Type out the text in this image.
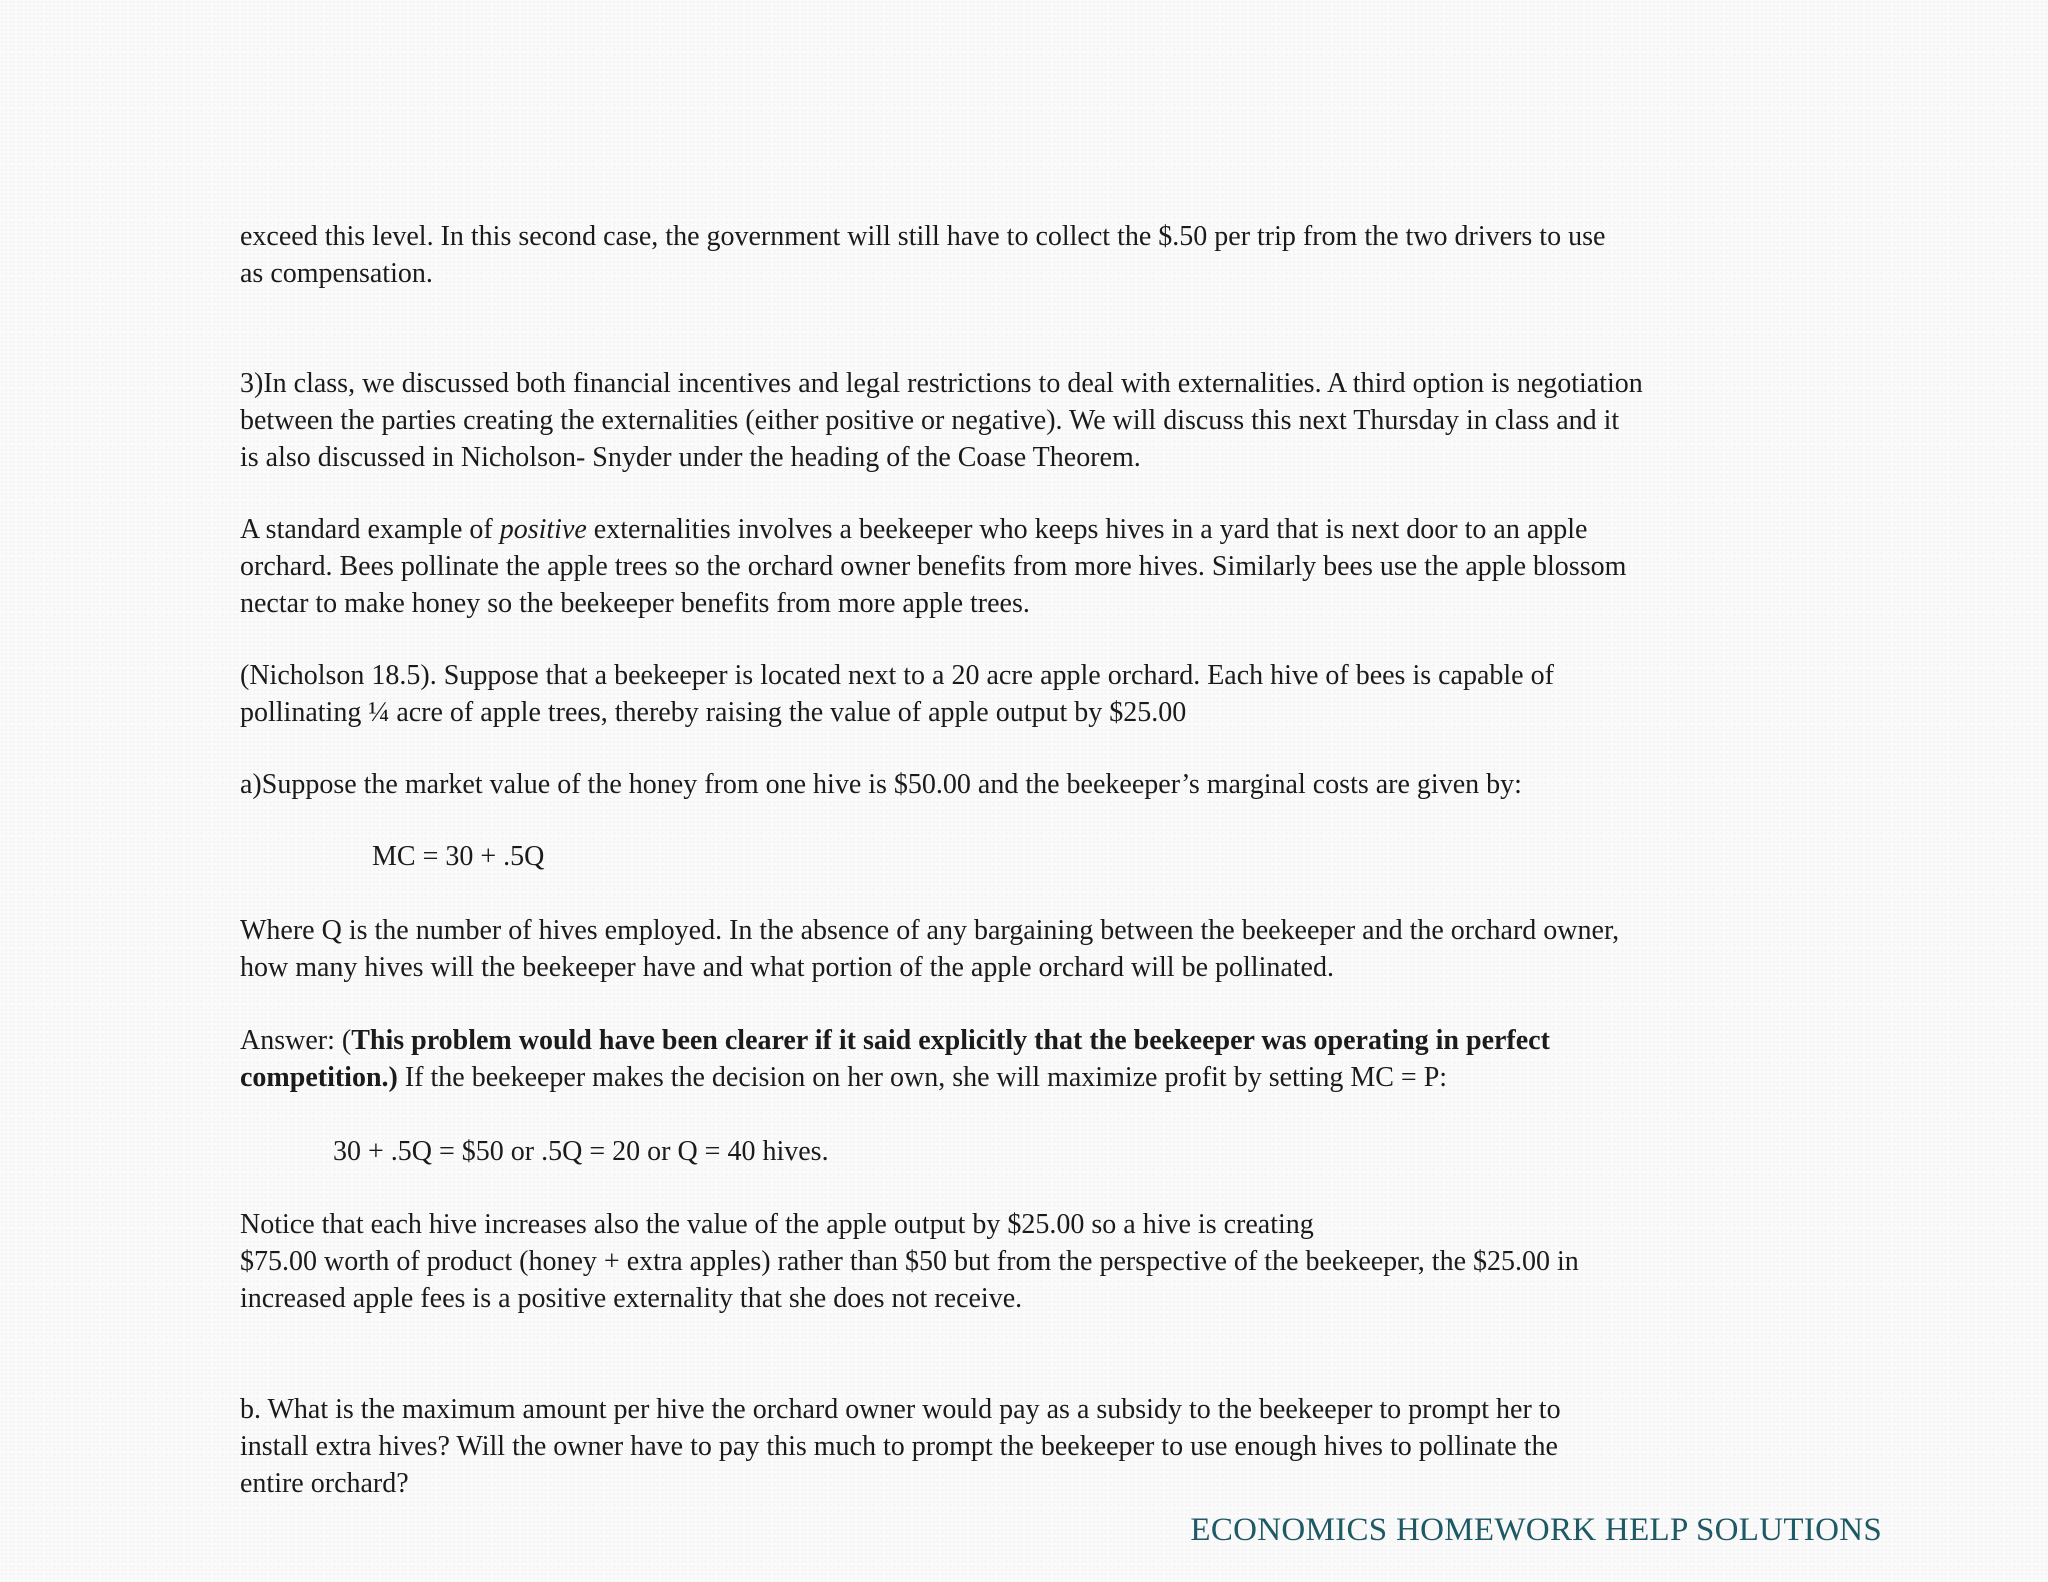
exceed this level. In this second case, the government will still have to collect the $.50 per trip from the two drivers to use
as compensation.

3)In class, we discussed both financial incentives and legal restrictions to deal with externalities. A third option is negotiation
between the parties creating the externalities (either positive or negative). We will discuss this next Thursday in class and it
is also discussed in Nicholson- Snyder under the heading of the Coase Theorem.

A standard example of positive externalities involves a beekeeper who keeps hives in a yard that is next door to an apple
orchard. Bees pollinate the apple trees so the orchard owner benefits from more hives. Similarly bees use the apple blossom
nectar to make honey so the beekeeper benefits from more apple trees.

(Nicholson 18.5). Suppose that a beekeeper is located next to a 20 acre apple orchard. Each hive of bees is capable of
pollinating ¼ acre of apple trees, thereby raising the value of apple output by $25.00

a)Suppose the market value of the honey from one hive is $50.00 and the beekeeper’s marginal costs are given by:

MC = 30 + .5Q

Where Q is the number of hives employed. In the absence of any bargaining between the beekeeper and the orchard owner,
how many hives will the beekeeper have and what portion of the apple orchard will be pollinated.

Answer: (This problem would have been clearer if it said explicitly that the beekeeper was operating in perfect
competition.) If the beekeeper makes the decision on her own, she will maximize profit by setting MC = P:

30 + .5Q = $50 or .5Q = 20 or Q = 40 hives.

Notice that each hive increases also the value of the apple output by $25.00 so a hive is creating
$75.00 worth of product (honey + extra apples) rather than $50 but from the perspective of the beekeeper, the $25.00 in
increased apple fees is a positive externality that she does not receive.

b. What is the maximum amount per hive the orchard owner would pay as a subsidy to the beekeeper to prompt her to
install extra hives? Will the owner have to pay this much to prompt the beekeeper to use enough hives to pollinate the
entire orchard?

ECONOMICS HOMEWORK HELP SOLUTIONS
